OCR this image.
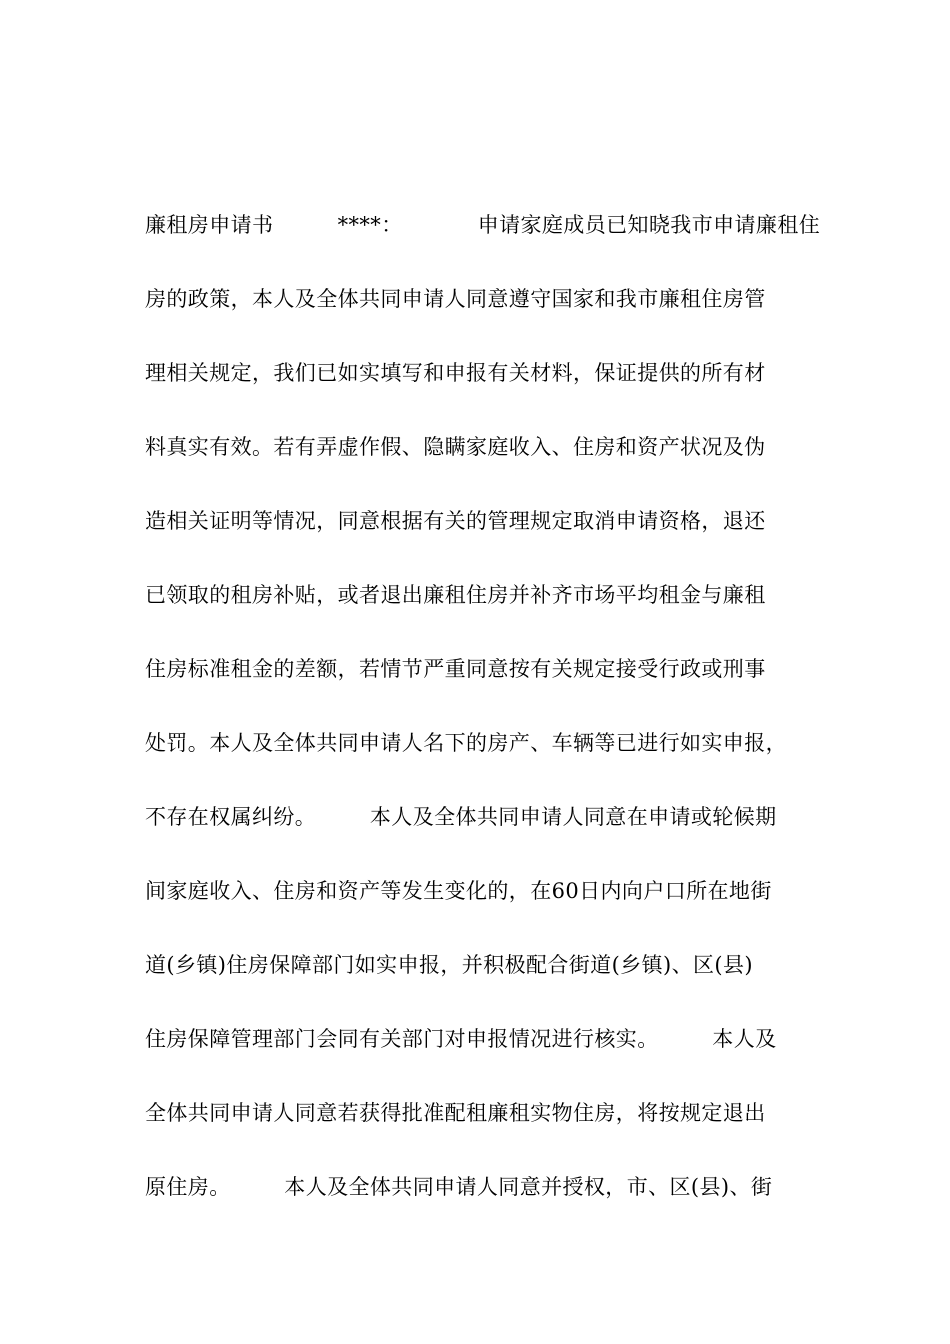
廉租房申请书　　　****：　　　　申请家庭成员已知晓我市申请廉租住
房的政策，本人及全体共同申请人同意遵守国家和我市廉租住房管
理相关规定，我们已如实填写和申报有关材料，保证提供的所有材
料真实有效。若有弄虚作假、隐瞒家庭收入、住房和资产状况及伪
造相关证明等情况，同意根据有关的管理规定取消申请资格，退还
已领取的租房补贴，或者退出廉租住房并补齐市场平均租金与廉租
住房标准租金的差额，若情节严重同意按有关规定接受行政或刑事
处罚。本人及全体共同申请人名下的房产、车辆等已进行如实申报，
不存在权属纠纷。　　　本人及全体共同申请人同意在申请或轮候期
间家庭收入、住房和资产等发生变化的，在60日内向户口所在地街
道(乡镇)住房保障部门如实申报，并积极配合街道(乡镇)、区(县)
住房保障管理部门会同有关部门对申报情况进行核实。　　　本人及
全体共同申请人同意若获得批准配租廉租实物住房，将按规定退出
原住房。　　　本人及全体共同申请人同意并授权，市、区(县)、街
